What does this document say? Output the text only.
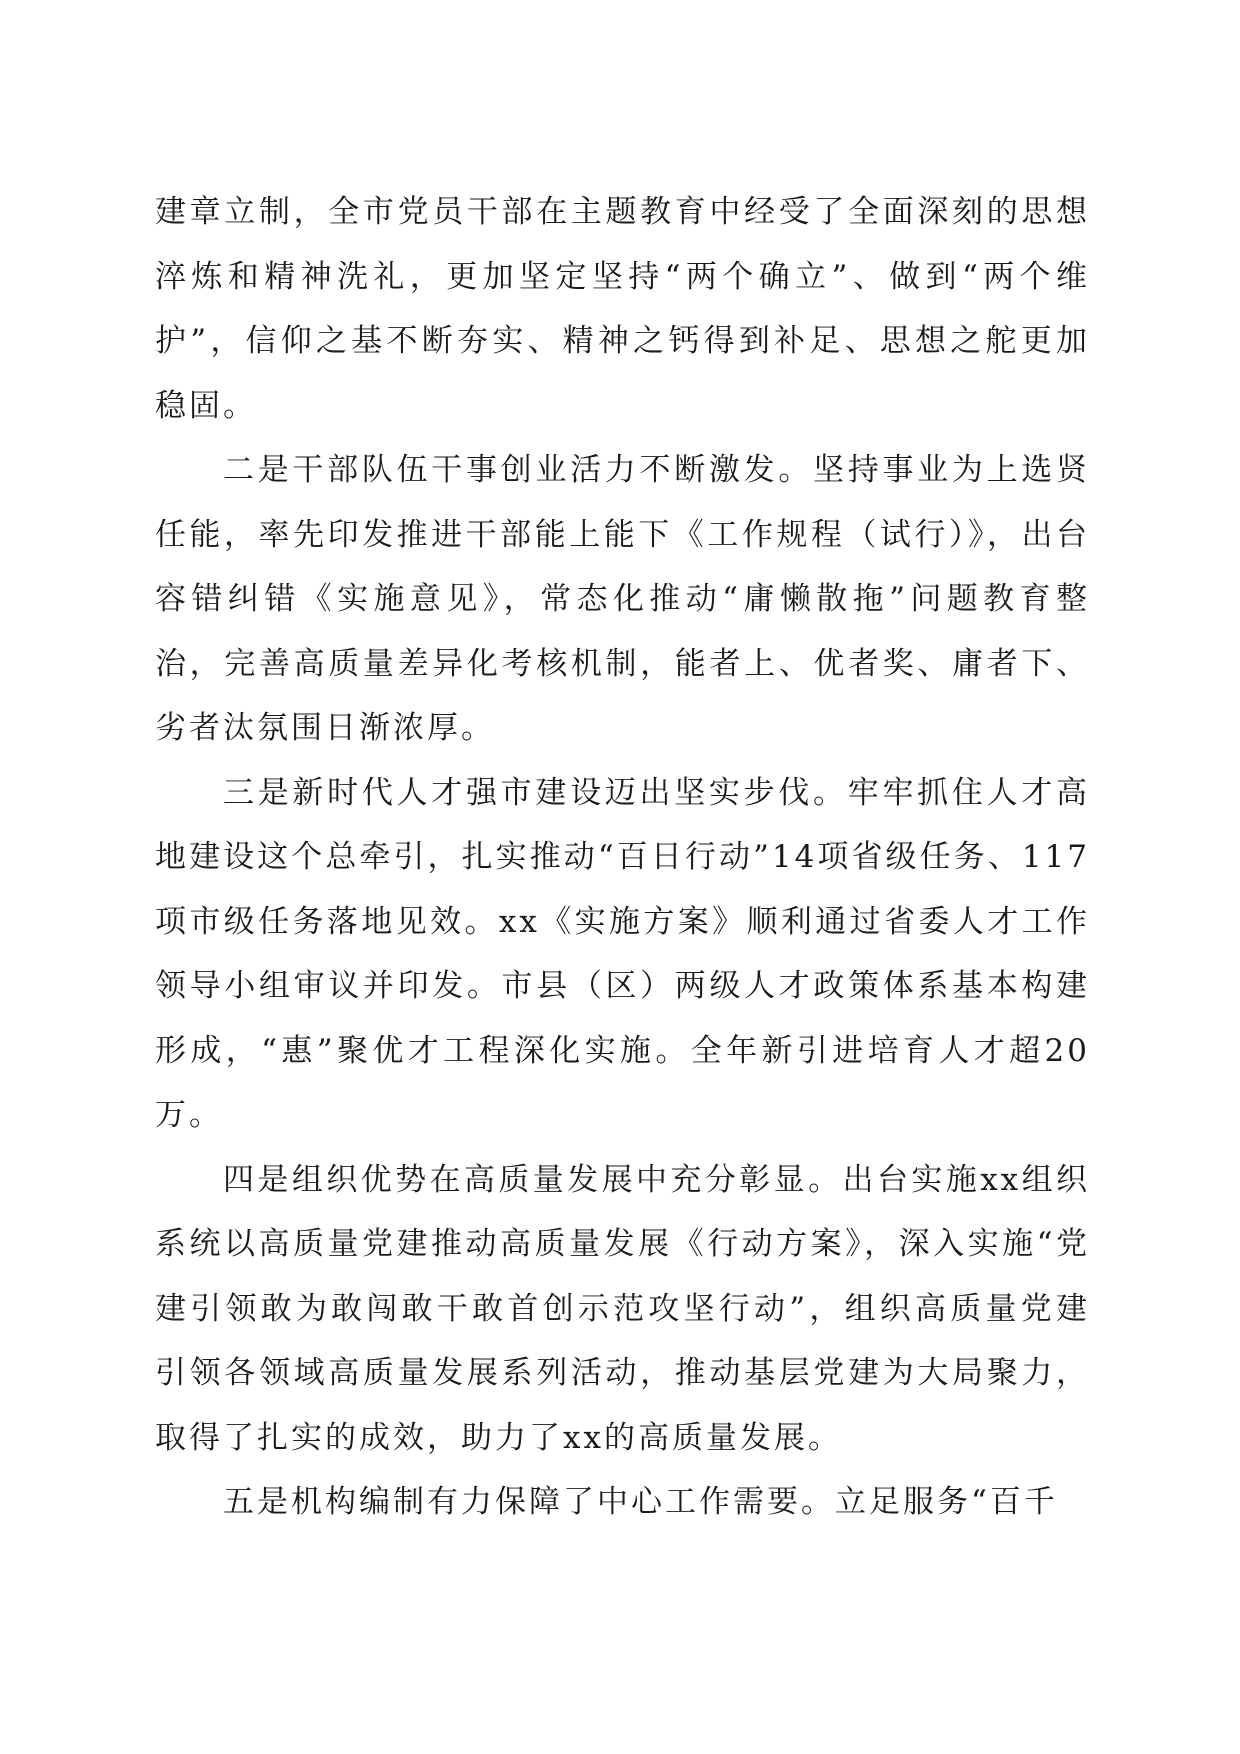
建章立制，全市党员干部在主题教育中经受了全面深刻的思想淬炼和精神洗礼，更加坚定坚持“两个确立”、做到“两个维护”，信仰之基不断夯实、精神之钙得到补足、思想之舵更加稳固。

二是干部队伍干事创业活力不断激发。坚持事业为上选贤任能，率先印发推进干部能上能下《工作规程（试行）》，出台容错纠错《实施意见》，常态化推动“庸懒散拖”问题教育整治，完善高质量差异化考核机制，能者上、优者奖、庸者下、劣者汰氛围日渐浓厚。

三是新时代人才强市建设迈出坚实步伐。牢牢抓住人才高地建设这个总牵引，扎实推动“百日行动”14项省级任务、117项市级任务落地见效。xx《实施方案》顺利通过省委人才工作领导小组审议并印发。市县（区）两级人才政策体系基本构建形成，“惠”聚优才工程深化实施。全年新引进培育人才超20万。

四是组织优势在高质量发展中充分彰显。出台实施xx组织系统以高质量党建推动高质量发展《行动方案》，深入实施“党建引领敢为敢闯敢干敢首创示范攻坚行动”，组织高质量党建引领各领域高质量发展系列活动，推动基层党建为大局聚力，取得了扎实的成效，助力了xx的高质量发展。

五是机构编制有力保障了中心工作需要。立足服务“百千
